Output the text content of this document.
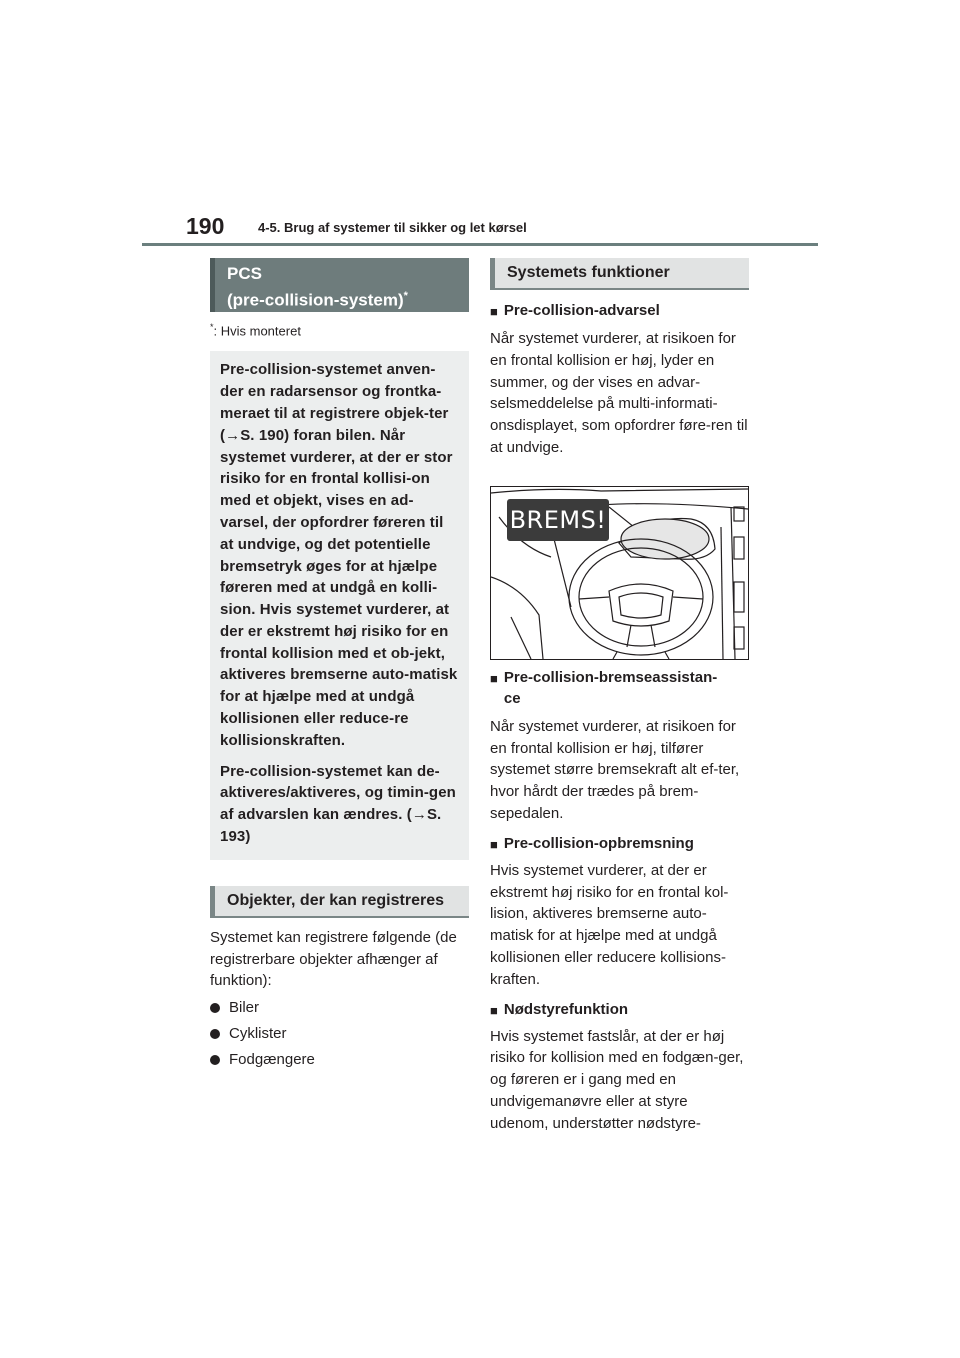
190	4-5. Brug af systemer til sikker og let kørsel
PCS
(pre-collision-system)*
*: Hvis monteret

Pre-collision-systemet anven-der en radarsensor og frontka-meraet til at registrere objek-ter (→S. 190) foran bilen. Når systemet vurderer, at der er stor risiko for en frontal kollisi-on med et objekt, vises en ad-varsel, der opfordrer føreren til at undvige, og det potentielle bremsetryk øges for at hjælpe føreren med at undgå en kolli-sion. Hvis systemet vurderer, at der er ekstremt høj risiko for en frontal kollision med et ob-jekt, aktiveres bremserne auto-matisk for at hjælpe med at undgå kollisionen eller reduce-re kollisionskraften.

Pre-collision-systemet kan de-aktiveres/aktiveres, og timin-gen af advarslen kan ændres. (→S. 193)

Objekter, der kan registreres

Systemet kan registrere følgende (de registrerbare objekter afhænger af funktion):

Biler
Cyklister
Fodgængere
Systemets funktioner
■ Pre-collision-advarsel

Når systemet vurderer, at risikoen for en frontal kollision er høj, lyder en summer, og der vises en advar-selsmeddelelse på multi-informati-onsdisplayet, som opfordrer føre-ren til at undvige.

BREMS!
■ Pre-collision-bremseassistan-ce

Når systemet vurderer, at risikoen for en frontal kollision er høj, tilfører systemet større bremsekraft alt ef-ter, hvor hårdt der trædes på brem-sepedalen.

■ Pre-collision-opbremsning

Hvis systemet vurderer, at der er ekstremt høj risiko for en frontal kol-lision, aktiveres bremserne auto-matisk for at hjælpe med at undgå kollisionen eller reducere kollisions-kraften.

■ Nødstyrefunktion

Hvis systemet fastslår, at der er høj risiko for kollision med en fodgæn-ger, og føreren er i gang med en undvigemanøvre eller at styre udenom, understøtter nødstyre-
